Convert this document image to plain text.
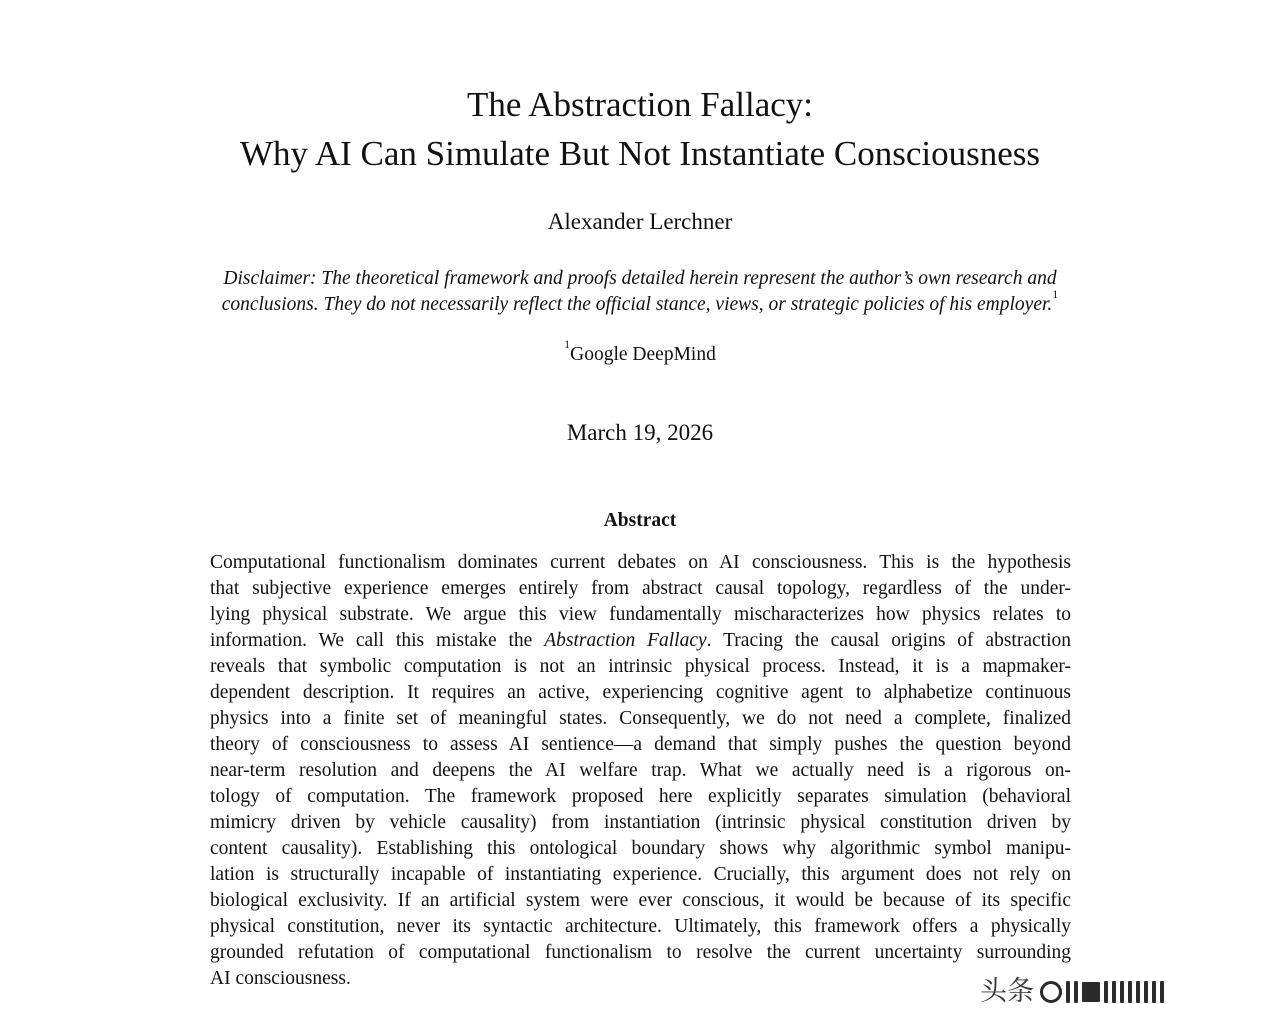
The Abstraction Fallacy:
Why AI Can Simulate But Not Instantiate Consciousness
Alexander Lerchner
Disclaimer: The theoretical framework and proofs detailed herein represent the author’s own research and
conclusions. They do not necessarily reflect the official stance, views, or strategic policies of his employer.$^1$
$^1$Google DeepMind
March 19, 2026
Abstract
Computational functionalism dominates current debates on AI consciousness. This is the hypothesis
that subjective experience emerges entirely from abstract causal topology, regardless of the under-
lying physical substrate. We argue this view fundamentally mischaracterizes how physics relates to
information. We call this mistake the Abstraction Fallacy. Tracing the causal origins of abstraction
reveals that symbolic computation is not an intrinsic physical process. Instead, it is a mapmaker-
dependent description. It requires an active, experiencing cognitive agent to alphabetize continuous
physics into a finite set of meaningful states. Consequently, we do not need a complete, finalized
theory of consciousness to assess AI sentience—a demand that simply pushes the question beyond
near-term resolution and deepens the AI welfare trap. What we actually need is a rigorous on-
tology of computation. The framework proposed here explicitly separates simulation (behavioral
mimicry driven by vehicle causality) from instantiation (intrinsic physical constitution driven by
content causality). Establishing this ontological boundary shows why algorithmic symbol manipu-
lation is structurally incapable of instantiating experience. Crucially, this argument does not rely on
biological exclusivity. If an artificial system were ever conscious, it would be because of its specific
physical constitution, never its syntactic architecture. Ultimately, this framework offers a physically
grounded refutation of computational functionalism to resolve the current uncertainty surrounding
AI consciousness.	头条
